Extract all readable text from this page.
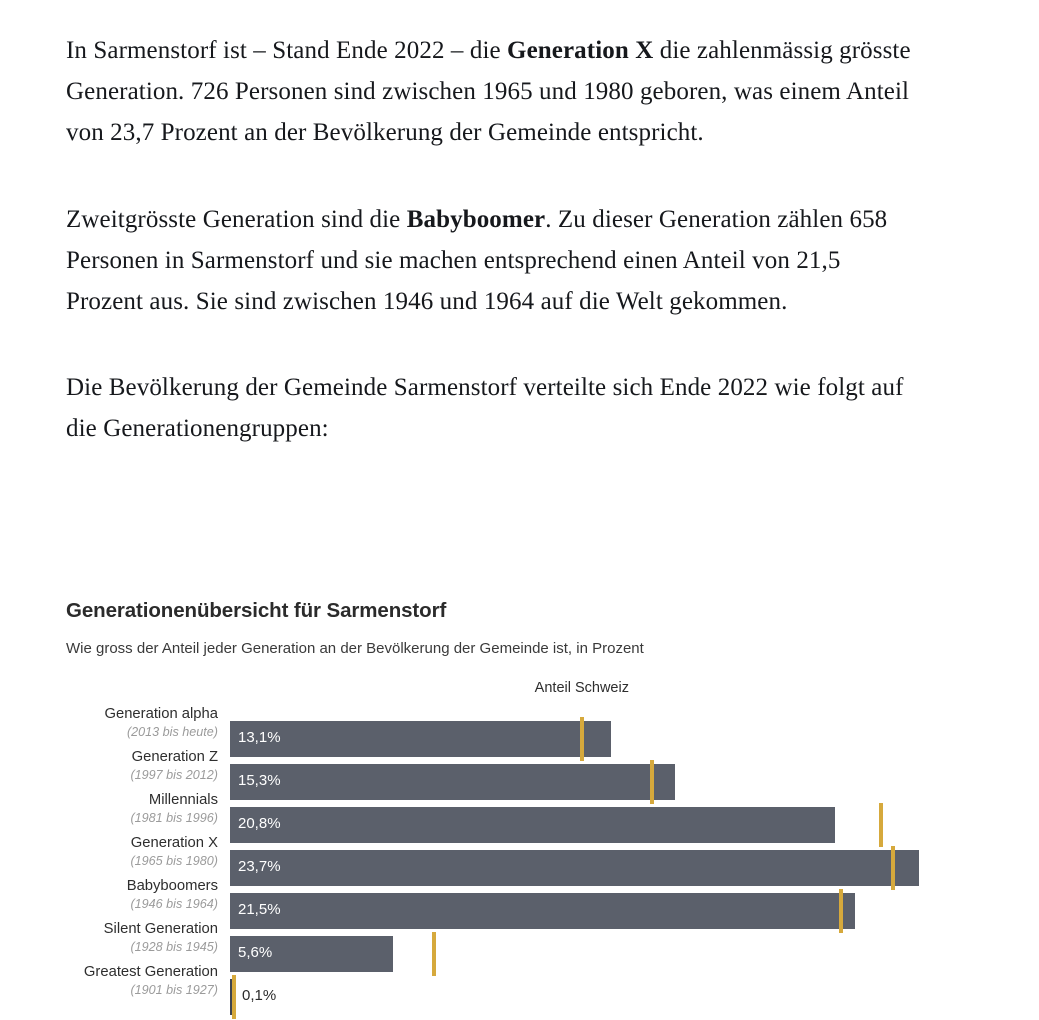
In Sarmenstorf ist – Stand Ende 2022 – die Generation X die zahlenmässig grösste Generation. 726 Personen sind zwischen 1965 und 1980 geboren, was einem Anteil von 23,7 Prozent an der Bevölkerung der Gemeinde entspricht.

Zweitgrösste Generation sind die Babyboomer. Zu dieser Generation zählen 658 Personen in Sarmenstorf und sie machen entsprechend einen Anteil von 21,5 Prozent aus. Sie sind zwischen 1946 und 1964 auf die Welt gekommen.

Die Bevölkerung der Gemeinde Sarmenstorf verteilte sich Ende 2022 wie folgt auf die Generationengruppen:

Generationenübersicht für Sarmenstorf
Wie gross der Anteil jeder Generation an der Bevölkerung der Gemeinde ist, in Prozent
Anteil Schweiz
Generation alpha
(2013 bis heute) 13,1%
Generation Z
(1997 bis 2012) 15,3%
Millennials
(1981 bis 1996) 20,8%
Generation X
(1965 bis 1980) 23,7%
Babyboomers
(1946 bis 1964) 21,5%
Silent Generation
(1928 bis 1945) 5,6%
Greatest Generation
(1901 bis 1927) 0,1%
